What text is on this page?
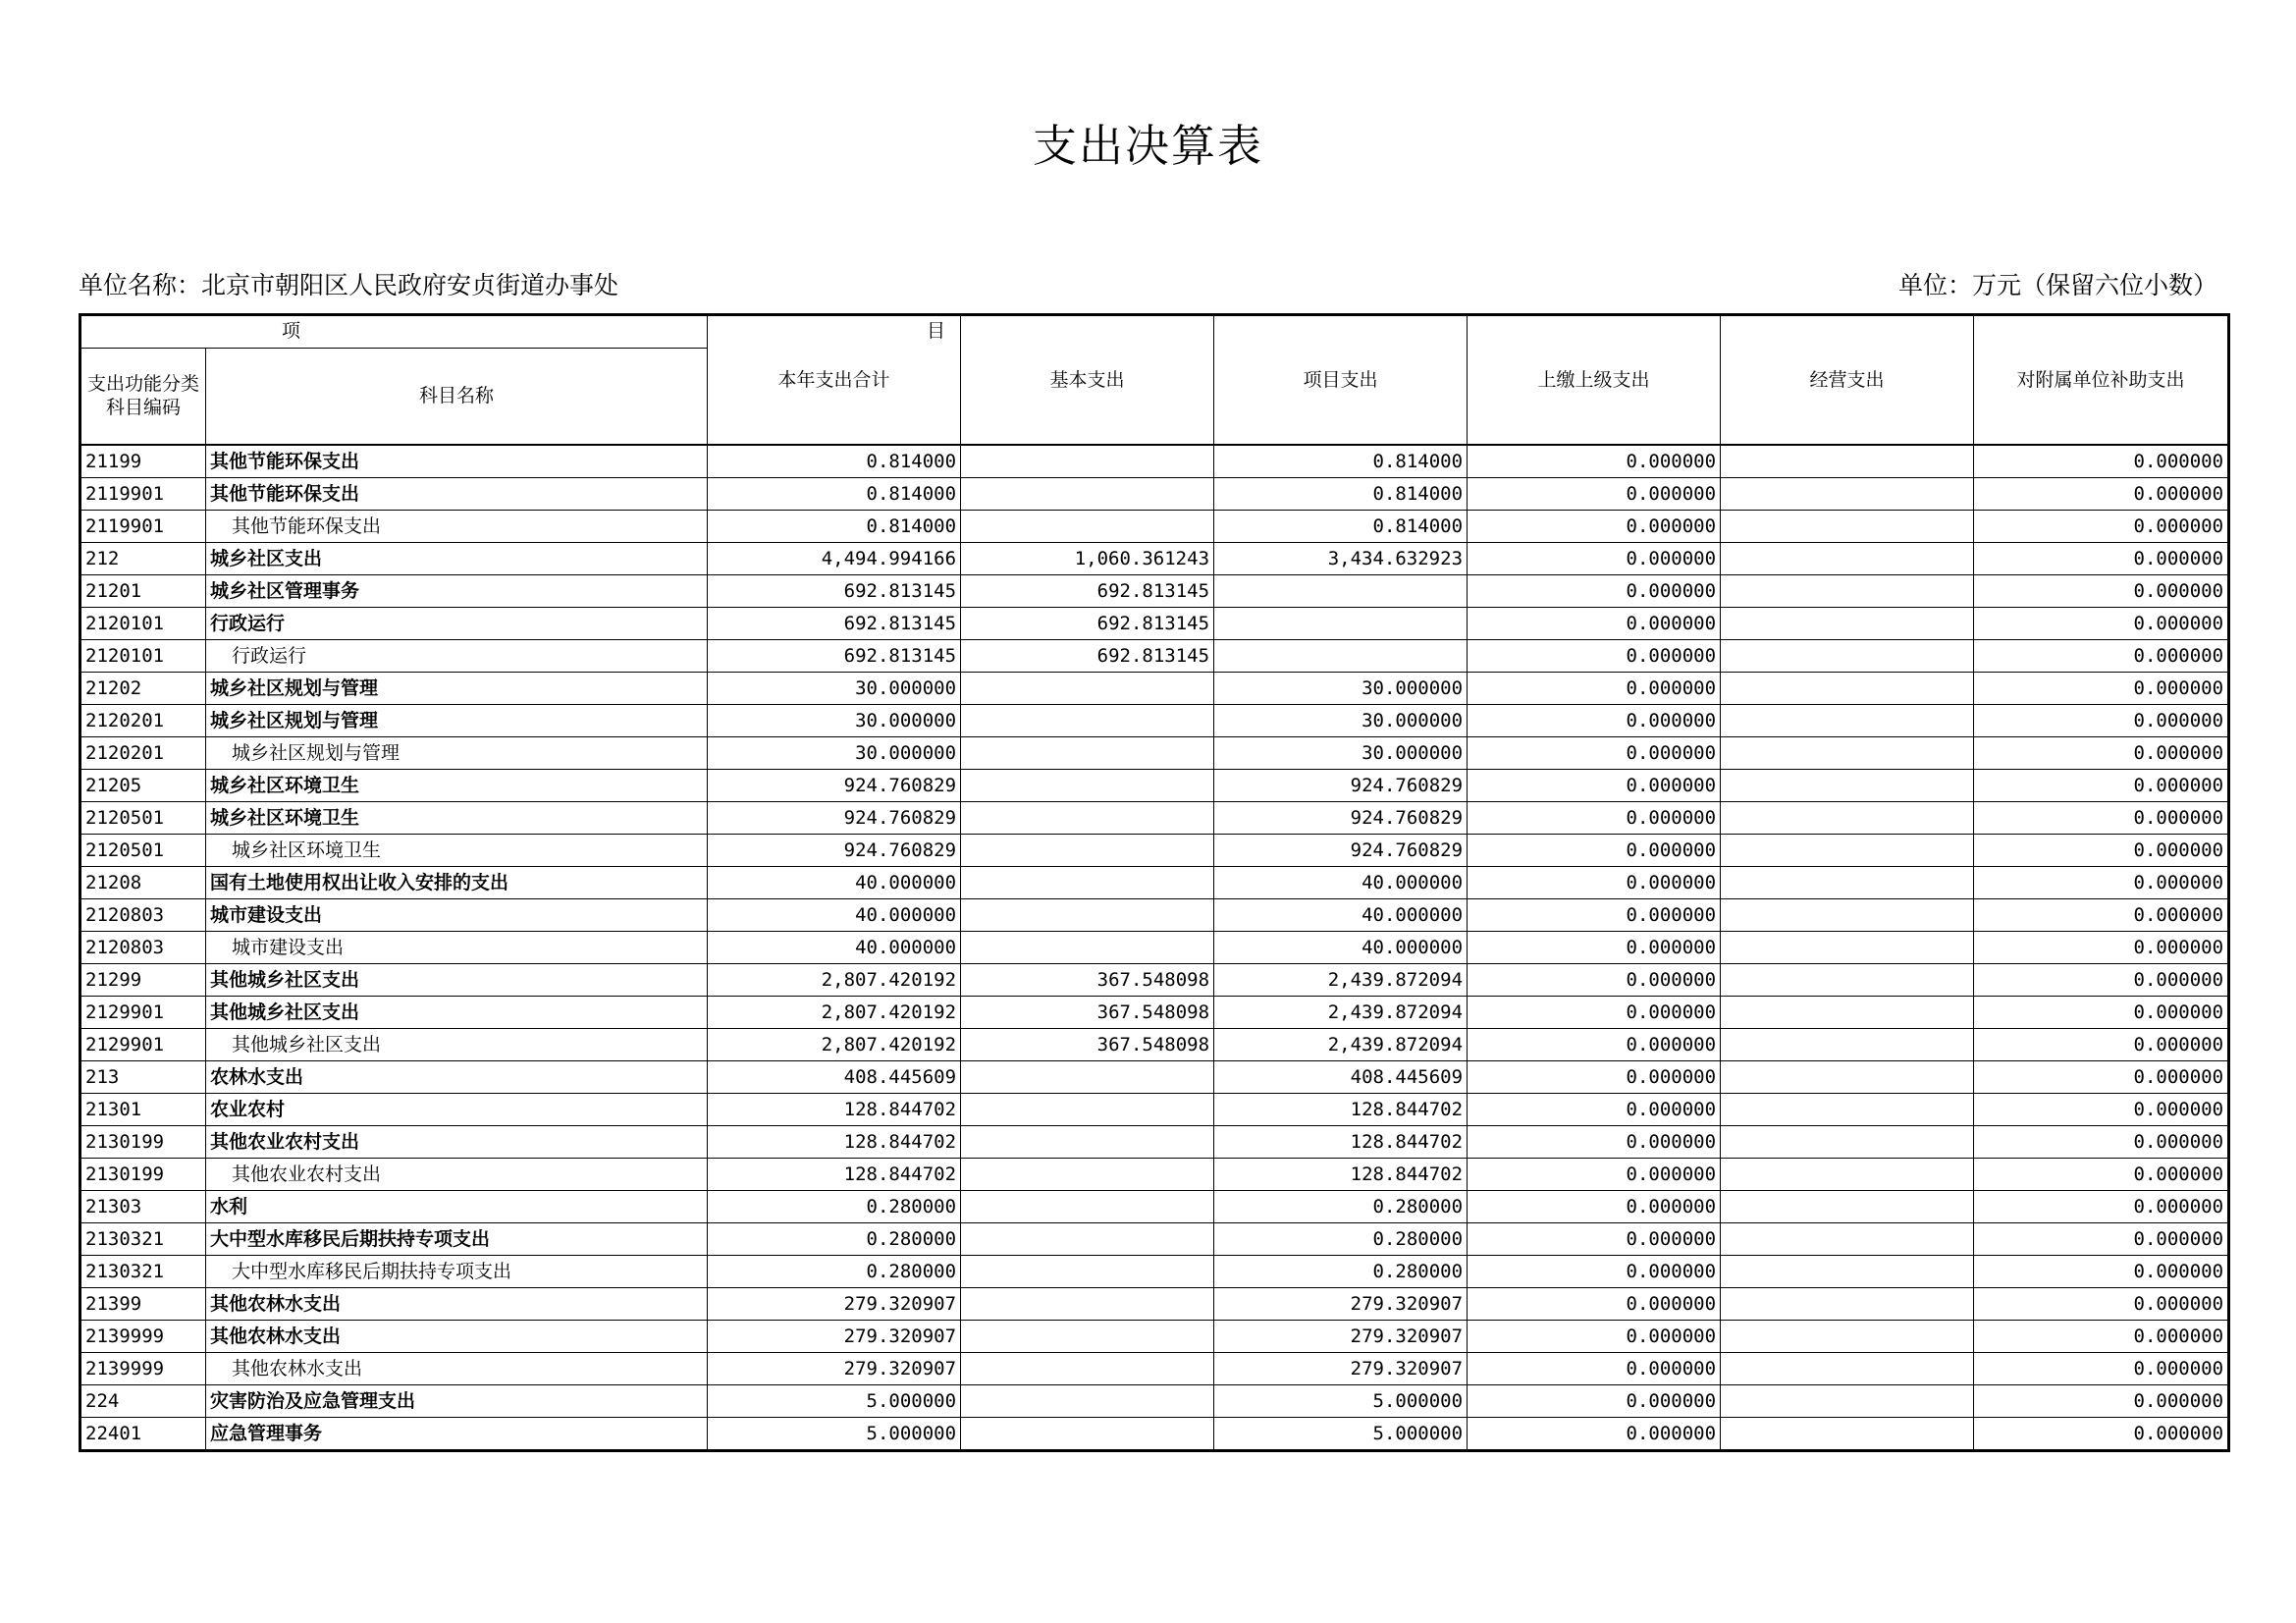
支出决算表
单位名称：北京市朝阳区人民政府安贞街道办事处	单位：万元（保留六位小数）
项　　目		本年支出合计	基本支出	项目支出	上缴上级支出	经营支出	对附属单位补助支出
支出功能分类科目编码	科目名称						
21199	其他节能环保支出	0.814000		0.814000	0.000000		0.000000
2119901	其他节能环保支出	0.814000		0.814000	0.000000		0.000000
2119901	其他节能环保支出	0.814000		0.814000	0.000000		0.000000
212	城乡社区支出	4,494.994166	1,060.361243	3,434.632923	0.000000		0.000000
21201	城乡社区管理事务	692.813145	692.813145		0.000000		0.000000
2120101	行政运行	692.813145	692.813145		0.000000		0.000000
2120101	行政运行	692.813145	692.813145		0.000000		0.000000
21202	城乡社区规划与管理	30.000000		30.000000	0.000000		0.000000
2120201	城乡社区规划与管理	30.000000		30.000000	0.000000		0.000000
2120201	城乡社区规划与管理	30.000000		30.000000	0.000000		0.000000
21205	城乡社区环境卫生	924.760829		924.760829	0.000000		0.000000
2120501	城乡社区环境卫生	924.760829		924.760829	0.000000		0.000000
2120501	城乡社区环境卫生	924.760829		924.760829	0.000000		0.000000
21208	国有土地使用权出让收入安排的支出	40.000000		40.000000	0.000000		0.000000
2120803	城市建设支出	40.000000		40.000000	0.000000		0.000000
2120803	城市建设支出	40.000000		40.000000	0.000000		0.000000
21299	其他城乡社区支出	2,807.420192	367.548098	2,439.872094	0.000000		0.000000
2129901	其他城乡社区支出	2,807.420192	367.548098	2,439.872094	0.000000		0.000000
2129901	其他城乡社区支出	2,807.420192	367.548098	2,439.872094	0.000000		0.000000
213	农林水支出	408.445609		408.445609	0.000000		0.000000
21301	农业农村	128.844702		128.844702	0.000000		0.000000
2130199	其他农业农村支出	128.844702		128.844702	0.000000		0.000000
2130199	其他农业农村支出	128.844702		128.844702	0.000000		0.000000
21303	水利	0.280000		0.280000	0.000000		0.000000
2130321	大中型水库移民后期扶持专项支出	0.280000		0.280000	0.000000		0.000000
2130321	大中型水库移民后期扶持专项支出	0.280000		0.280000	0.000000		0.000000
21399	其他农林水支出	279.320907		279.320907	0.000000		0.000000
2139999	其他农林水支出	279.320907		279.320907	0.000000		0.000000
2139999	其他农林水支出	279.320907		279.320907	0.000000		0.000000
224	灾害防治及应急管理支出	5.000000		5.000000	0.000000		0.000000
22401	应急管理事务	5.000000		5.000000	0.000000		0.000000
